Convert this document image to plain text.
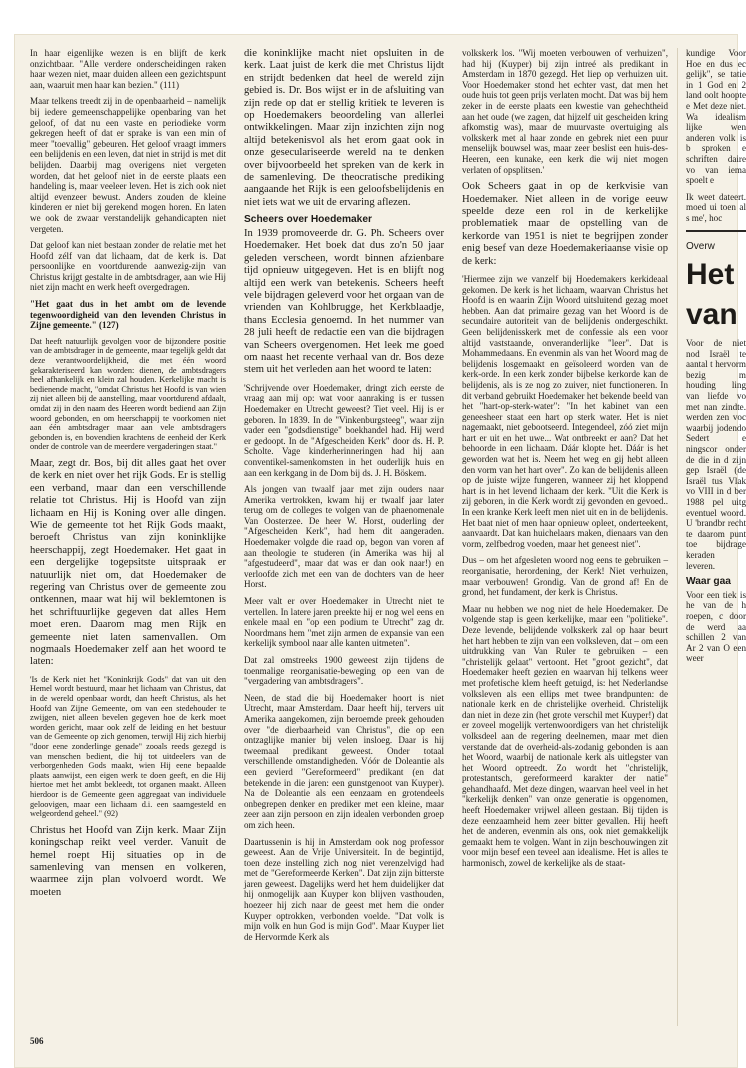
In haar eigenlijke wezen is en blijft de kerk onzichtbaar. "Alle verdere onderscheidingen raken haar wezen niet, maar duiden alleen een gezichtspunt aan, waaruit men haar kan bezien." (111)

Maar telkens treedt zij in de openbaarheid – namelijk bij iedere gemeenschappelijke openbaring van het geloof, of dat nu een vaste en periodieke vorm gekregen heeft of dat er sprake is van een min of meer "toevallig" gebeuren. Het geloof vraagt immers een belijdenis en een leven, dat niet in strijd is met dit belijden. Daarbij mag overigens niet vergeten worden, dat het geloof niet in de eerste plaats een handeling is, maar veeleer leven. Het is zich ook niet altijd evenzeer bewust. Anders zouden de kleine kinderen er niet bij gerekend mogen horen. En laten we ook de zwaar verstandelijk gehandicapten niet vergeten.

Dat geloof kan niet bestaan zonder de relatie met het Hoofd zélf van dat lichaam, dat de kerk is. Dat persoonlijke en voortdurende aanwezig-zijn van Christus krijgt gestalte in de ambtsdrager, aan wie Hij niet zijn macht en werk heeft overgedragen.

"Het gaat dus in het ambt om de levende tegenwoordigheid van den levenden Christus in Zijne gemeente." (127)

Dat heeft natuurlijk gevolgen voor de bijzondere positie van de ambtsdrager in de gemeente, maar tegelijk geldt dat deze verantwoordelijkheid, die met één woord gekarakteriseerd kan worden: dienen, de ambtsdragers heel afhankelijk en klein zal houden. Kerkelijke macht is bedienende macht, "omdat Christus het Hoofd is van wien zij niet alleen bij de aanstelling, maar voortdurend afdaalt, omdat zij in den naam des Heeren wordt bediend aan Zijn woord gebonden, en om heerschappij te voorkomen niet aan één ambtsdrager maar aan vele ambtsdragers gebonden is, en bovendien krachtens de eenheid der Kerk onder de controle van de meerdere vergaderingen staat."

Maar, zegt dr. Bos, bij dit alles gaat het over de kerk en niet over het rijk Gods. Er is stellig een verband, maar dan een verschillende relatie tot Christus. Hij is Hoofd van zijn lichaam en Hij is Koning over alle dingen. Wie de gemeente tot het Rijk Gods maakt, beroeft Christus van zijn koninklijke heerschappij, zegt Hoedemaker. Het gaat in een dergelijke togepsitste uitspraak er natuurlijk niet om, dat Hoedemaker de regering van Christus over de gemeente zou ontkennen, maar wat hij wil beklemtonen is het schriftuurlijke gegeven dat alles Hem moet eren. Daarom mag men Rijk en gemeente niet laten samenvallen. Om nogmaals Hoedemaker zelf aan het woord te laten:

'Is de Kerk niet het "Koninkrijk Gods" dat van uit den Hemel wordt bestuurd, maar het lichaam van Christus, dat in de wereld openbaar wordt, dan heeft Christus, als het Hoofd van Zijne Gemeente, om van een stedehouder te zwijgen, niet alleen bevelen gegeven hoe de kerk moet worden gericht, maar ook zelf de leiding en het bestuur van de Gemeente op zich genomen, terwijl Hij zich hierbij "door eene zonderlinge genade" zooals reeds gezegd is van menschen bedient, die hij tot uitdeelers van de verborgenheden Gods maakt, wien Hij eene bepaalde plaats aanwijst, een eigen werk te doen geeft, en die Hij hiertoe met het ambt bekleedt, tot organen maakt. Alleen hierdoor is de Gemeente geen aggregaat van individuele geloovigen, maar een lichaam d.i. een saamgesteld en welgeordend geheel." (92)

Christus het Hoofd van Zijn kerk. Maar Zijn koningschap reikt veel verder. Vanuit de hemel roept Hij situaties op in de samenleving van mensen en volkeren, waarmee zijn plan volvoerd wordt. We moeten

die koninklijke macht niet opsluiten in de kerk. Laat juist de kerk die met Christus lijdt en strijdt bedenken dat heel de wereld zijn gebied is. Dr. Bos wijst er in de afsluiting van zijn rede op dat er stellig kritiek te leveren is op Hoedemakers beoordeling van allerlei ontwikkelingen. Maar zijn inzichten zijn nog altijd betekenisvol als het erom gaat ook in onze geseculariseerde wereld na te denken over bijvoorbeeld het spreken van de kerk in de samenleving. De theocratische prediking aangaande het Rijk is een geloofsbelijdenis en niet iets wat we uit de ervaring aflezen.

Scheers over Hoedemaker

In 1939 promoveerde dr. G. Ph. Scheers over Hoedemaker. Het boek dat dus zo'n 50 jaar geleden verscheen, wordt binnen afzienbare tijd opnieuw uitgegeven. Het is en blijft nog altijd een werk van betekenis. Scheers heeft vele bijdragen geleverd voor het orgaan van de vrienden van Kohlbrugge, het Kerkblaadje, thans Ecclesia genoemd. In het nummer van 28 juli heeft de redactie een van die bijdragen van Scheers overgenomen. Het leek me goed om naast het recente verhaal van dr. Bos deze stem uit het verleden aan het woord te laten:

'Schrijvende over Hoedemaker, dringt zich eerste de vraag aan mij op: wat voor aanraking is er tussen Hoedemaker en Utrecht geweest? Tiet veel. Hij is er geboren. In 1839. In de "Vinkenburgsteeg", waar zijn vader een "godsdienstige" boekhandel had. Hij werd er gedoopt. In de "Afgescheiden Kerk" door ds. H. P. Scholte. Vage kinderherinneringen had hij aan conventikel-samenkomsten in het ouderlijk huis en aan een kerkgang in de Dom bij ds. J. H. Böskem.

Als jongen van twaalf jaar met zijn ouders naar Amerika vertrokken, kwam hij er twaalf jaar later terug om de colleges te volgen van de phaenomenale Van Oosterzee. De heer W. Horst, ouderling der "Afgescheiden Kerk", had hem dit aangeraden. Hoedemaker volgde die raad op, begon van voren af aan theologie te studeren (in Amerika was hij al "afgestudeerd", maar dat was er dan ook naar!) en verloofde zich met een van de dochters van de heer Horst.

Meer valt er over Hoedemaker in Utrecht niet te vertellen. In latere jaren preekte hij er nog wel eens en enkele maal en "op een podium te Utrecht" zag dr. Noordmans hem "met zijn armen de expansie van een kerkelijk symbool naar alle kanten uitmeten".

Dat zal omstreeks 1900 geweest zijn tijdens de toenmalige reorganisatie-beweging op een van de "vergadering van ambtsdragers".

Neen, de stad die bij Hoedemaker hoort is niet Utrecht, maar Amsterdam. Daar heeft hij, tervers uit Amerika aangekomen, zijn beroemde preek gehouden over "de dierbaarheid van Christus", die op een ontzaglijke manier bij velen insloeg. Daar is hij tweemaal predikant geweest. Onder totaal verschillende omstandigheden. Vóór de Doleantie als een gevierd "Gereformeerd" predikant (en dat betekende in die jaren: een gunstgenoot van Kuyper). Na de Doleantie als een eenzaam en grotendeels onbegrepen denker en prediker met een kleine, maar zeer aan zijn persoon en zijn idealen verbonden groep om zich heen.

Daartussenin is hij in Amsterdam ook nog professor geweest. Aan de Vrije Universiteit. In de begintijd, toen deze instelling zich nog niet verenzelvigd had met de "Gereformeerde Kerken". Dat zijn zijn bitterste jaren geweest. Dagelijks werd het hem duidelijker dat hij onmogelijk aan Kuyper kon blijven vasthouden, hoezeer hij zich naar de geest met hem die onder Kuyper optrokken, verbonden voelde. "Dat volk is mijn volk en hun God is mijn God". Maar Kuyper liet de Hervormde Kerk als

volkskerk los. "Wij moeten verbouwen of verhuizen", had hij (Kuyper) bij zijn intreé als predikant in Amsterdam in 1870 gezegd. Het liep op verhuizen uit. Voor Hoedemaker stond het echter vast, dat men het oude huis tot geen prijs verlaten mocht. Dat was bij hem zeker in de eerste plaats een kwestie van gehechtheid aan het oude (we zagen, dat hijzelf uit gescheiden kring afkomstig was), maar de muurvaste overtuiging als volkskerk met al haar zonde en gebrek niet een puur menselijk bouwsel was, maar zeer beslist een huis-des-Heeren, een kunake, een kerk die wij niet mogen verlaten of opsplitsen.'

Ook Scheers gaat in op de kerkvisie van Hoedemaker. Niet alleen in de vorige eeuw speelde deze een rol in de kerkelijke problematiek maar de opstelling van de kerkorde van 1951 is niet te begrijpen zonder enig besef van deze Hoedemakeriaanse visie op de kerk:

'Hiermee zijn we vanzelf bij Hoedemakers kerkideaal gekomen. De kerk is het lichaam, waarvan Christus het Hoofd is en waarin Zijn Woord uitsluitend gezag moet hebben. Aan dat primaire gezag van het Woord is de secundaire autoriteit van de belijdenis ondergeschikt. Geen belijdenisskerk met de confessie als een voor altijd vaststaande, onveranderlijke "leer". Dat is Mohammedaans. En evenmin als van het Woord mag de belijdenis losgemaakt en geïsoleerd worden van de kerk-orde. In een kerk zonder bijbelse kerkorde kan de belijdenis, als is ze nog zo zuiver, niet functioneren. In dit verband gebruikt Hoedemaker het bekende beeld van het "hart-op-sterk-water": "In het kabinet van een geneesheer staat een hart op sterk water. Het is niet nagemaakt, niet gebootseerd. Integendeel, zóó ziet mijn hart er uit en het uwe... Wat ontbreekt er aan? Dat het behoorde in een lichaam. Dáár klopte het. Dáár is het geworden wat het is. Neem het weg en gij hebt alleen den vorm van het hart over". Zo kan de belijdenis alleen op de juiste wijze fungeren, wanneer zij het kloppend hart is in het levend lichaam der kerk. "Uit die Kerk is zij geboren, in die Kerk wordt zij gevonden en gevoed.. In een kranke Kerk leeft men niet uit en in de belijdenis. Het baat niet of men haar opnieuw opleet, onderteekent, aanvaardt. Dat kan huichelaars maken, dienaars van den vorm, zelfbedrog voeden, maar het geneest niet".

Dus – om het afgesleten woord nog eens te gebruiken – reorganisatie, herordening, der Kerk! Niet verhuizen, maar verbouwen! Grondig. Van de grond af! En de grond, het fundament, der kerk is Christus.

Maar nu hebben we nog niet de hele Hoedemaker. De volgende stap is geen kerkelijke, maar een "politieke". Deze levende, belijdende volkskerk zal op haar beurt het hart hebben te zijn van een volksleven, dat – om een uitdrukking van Van Ruler te gebruiken – een "christelijk gelaat" vertoont. Het "groot gezicht", dat Hoedemaker heeft gezien en waarvan hij telkens weer met profetische klem heeft getuigd, is: het Nederlandse volksleven als een ellips met twee brandpunten: de nationale kerk en de christelijke overheid. Christelijk dan niet in deze zin (het grote verschil met Kuyper!) dat er zoveel mogelijk vertenwoordigers van het christelijk volksdeel aan de regering deelnemen, maar met dien verstande dat de overheid-als-zodanig gebonden is aan het Woord, waarbij de nationale kerk als uitlegster van het Woord optreedt. Zo wordt het "christelijk, protestantsch, gereformeerd karakter der natie" gehandhaafd. Met deze dingen, waarvan heel veel in het "kerkelijk denken" van onze generatie is opgenomen, heeft Hoedemaker vrijwel alleen gestaan. Bij tijden is deze eenzaamheid hem zeer bitter gevallen. Hij heeft het de anderen, evenmin als ons, ook niet gemakkelijk gemaakt hem te volgen. Want in zijn beschouwingen zit voor mijn besef een teveel aan idealisme. Het is alles te harmonisch, zowel de kerkelijke als de staat-

kundige Voor Hoe en dus ec gelijk", se tatie in 1 God en 2 land oolt hoopte e Met deze niet. Wa idealism lijke wen anderen volk is b sproken e schriften daire vo van iema spoelt e

Ik weet dateert. moed ui toen al s me', hoc

Overw

Het

van

Voor de niet nod Israël te aantal t hervorm bezig m houding ling van liefde vo met nan zindte. werden zen voc waarbij jodendo Sedert e ningscor onder de die in d zijn gep Israël (de Israël tus Vlak vo VIII in d ber 1988 pel uitg eventuel woord. U 'brandbr recht te daarom punt toe bijdrage keraden leveren.

Waar gaa

Voor een tiek is he van de h roepen, c door de werd aa schillen 2 van Ar 2 van O een weer

506
